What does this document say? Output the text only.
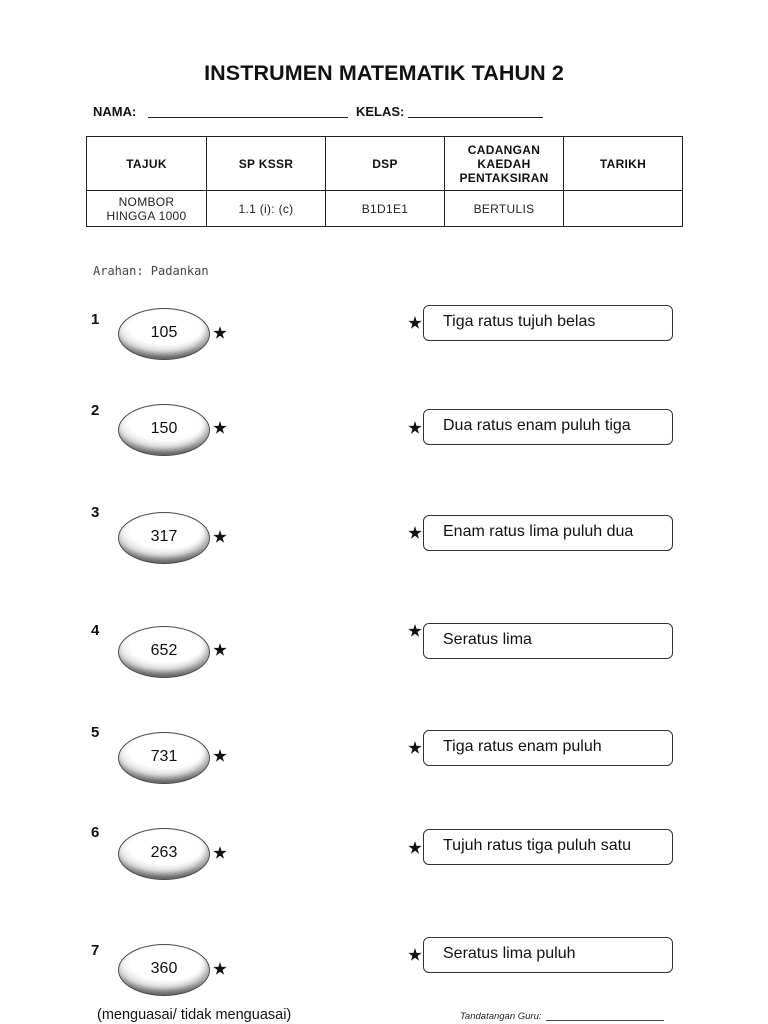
INSTRUMEN MATEMATIK TAHUN 2
NAMA:	KELAS:
TAJUK	SP KSSR	DSP	CADANGAN KAEDAH PENTAKSIRAN	TARIKH
NOMBOR HINGGA 1000	1.1 (i): (c)	B1D1E1	BERTULIS	
Arahan: Padankan
1
105
Tiga ratus tujuh belas
2
150	Dua ratus enam puluh tiga
3
317	Enam ratus lima puluh dua
4
652
Seratus lima
5
731
Tiga ratus enam puluh
6
263	Tujuh ratus tiga puluh satu
7
360
Seratus lima puluh
(menguasai/ tidak menguasai)	Tandatangan Guru:
